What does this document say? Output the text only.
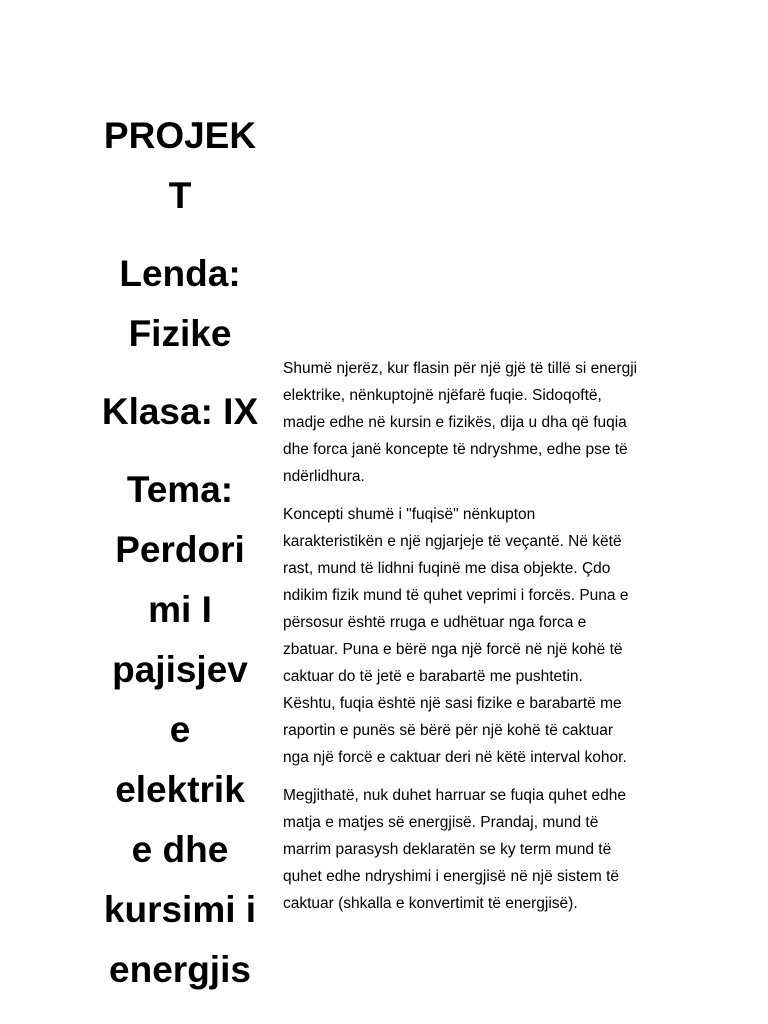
PROJEK
T
Lenda:
Fizike
Klasa: IX
Tema:
Perdori
mi I
pajisjev
e
elektrik
e dhe
kursimi i
energjis

Shumë njerëz, kur flasin për një gjë të tillë si energji
elektrike, nënkuptojnë njëfarë fuqie. Sidoqoftë,
madje edhe në kursin e fizikës, dija u dha që fuqia
dhe forca janë koncepte të ndryshme, edhe pse të
ndërlidhura.

Koncepti shumë i "fuqisë" nënkupton
karakteristikën e një ngjarjeje të veçantë. Në këtë
rast, mund të lidhni fuqinë me disa objekte. Çdo
ndikim fizik mund të quhet veprimi i forcës. Puna e
përsosur është rruga e udhëtuar nga forca e
zbatuar. Puna e bërë nga një forcë në një kohë të
caktuar do të jetë e barabartë me pushtetin.
Kështu, fuqia është një sasi fizike e barabartë me
raportin e punës së bërë për një kohë të caktuar
nga një forcë e caktuar deri në këtë interval kohor.

Megjithatë, nuk duhet harruar se fuqia quhet edhe
matja e matjes së energjisë. Prandaj, mund të
marrim parasysh deklaratën se ky term mund të
quhet edhe ndryshimi i energjisë në një sistem të
caktuar (shkalla e konvertimit të energjisë).
